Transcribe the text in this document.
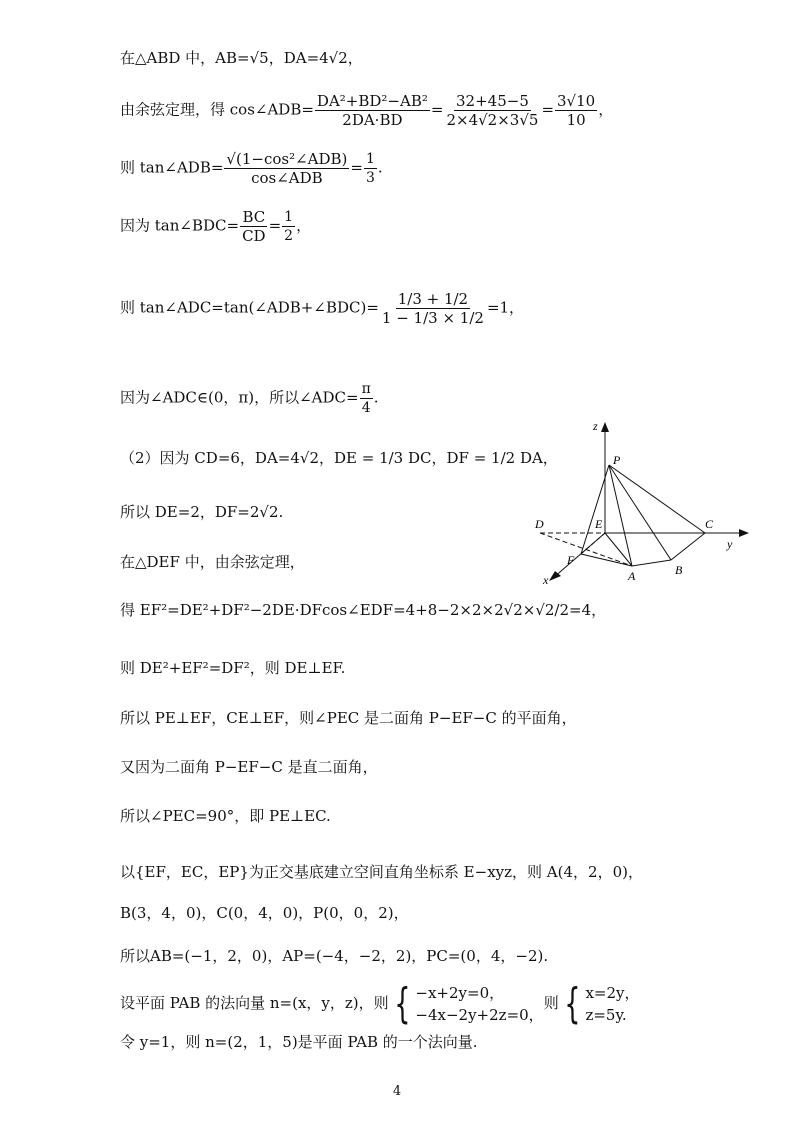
在△ABD 中，AB=√5，DA=4√2，
由余弦定理，得 cos∠ADB= $\frac{\text{DA²+BD²−AB²}}{2DA\cdot BD} = \frac{32+45-5}{2\times 4√2\times 3√5} = \frac{3√10}{10}$ ，
则 tan∠ADB= $\frac{\text{√(1−cos²∠ADB)}}{\text{cos∠ADB}} = \frac{1}{3}$ .
因为 tan∠BDC= $\frac{BC}{CD} = \frac{1}{2}$ ，
则 tan∠ADC=tan(∠ADB+∠BDC)= $\frac{1/3 + 1/2}{1 - 1/3 \times 1/2} =1$，
因为∠ADC∈(0，π)，所以∠ADC= $\frac{\pi}{4}$ .
（2）因为 CD=6，DA=4√2，DE = 1/3 DC，DF = 1/2 DA，
所以 DE=2，DF=2√2.
在△DEF 中，由余弦定理，
得 EF²=DE²+DF²−2DE·DFcos∠EDF=4+8−2×2×2√2×√2/2=4，
则 DE²+EF²=DF²，则 DE⊥EF.
所以 PE⊥EF，CE⊥EF，则∠PEC 是二面角 P−EF−C 的平面角，
又因为二面角 P−EF−C 是直二面角，
所以∠PEC=90°，即 PE⊥EC.
以{EF，EC，EP}为正交基底建立空间直角坐标系 E−xyz，则 A(4，2，0)，
B(3，4，0)，C(0，4，0)，P(0，0，2)，
所以AB=(−1，2，0)，AP=(−4，−2，2)，PC=(0，4，−2).
设平面 PAB 的法向量 n=(x，y，z)，则 { −x+2y=0，
−4x−2y+2z=0，
则 { x=2y，
z=5y.
令 y=1，则 n=(2，1，5)是平面 PAB 的一个法向量.
z
y
x
P
D	E	C
F
A	B
4
